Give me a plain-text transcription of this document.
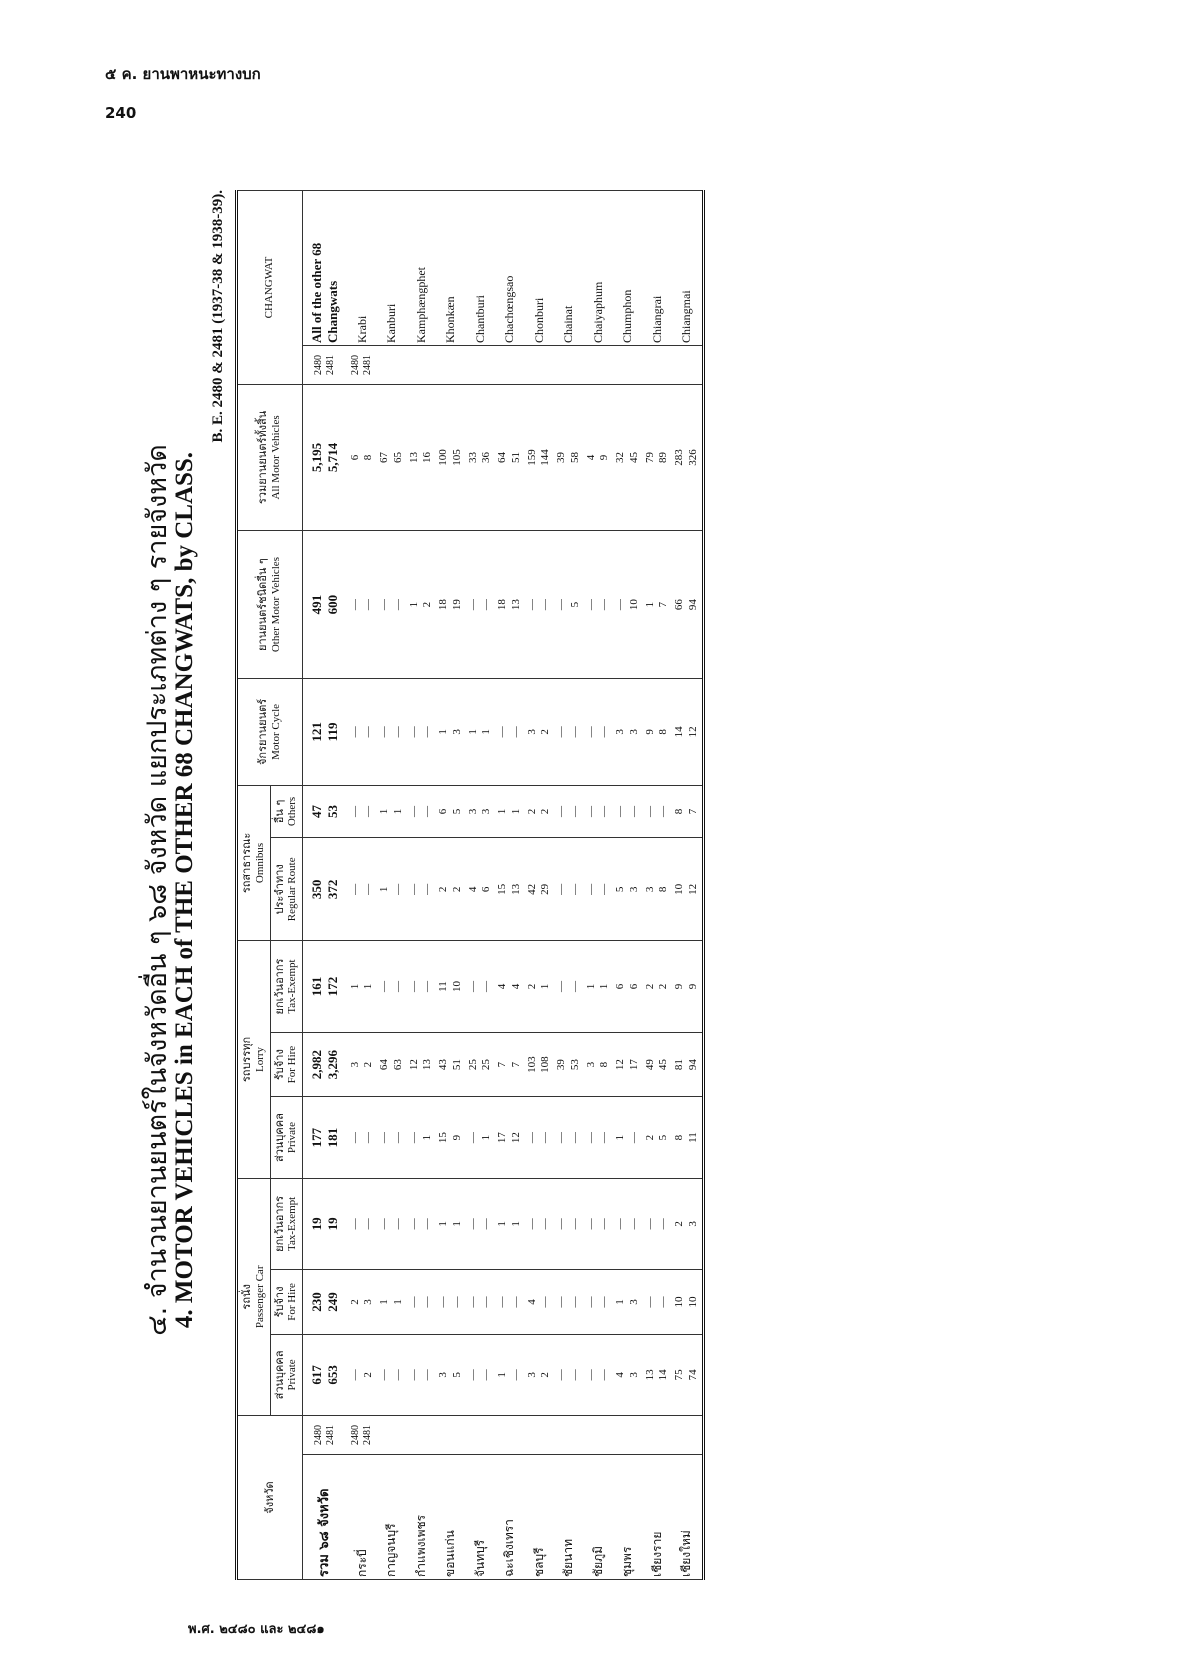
๕ ค. ยานพาหนะทางบก
240
๔. จำนวนยานยนตร์ในจังหวัดอื่น ๆ ๖๘ จังหวัด แยกประเภทต่าง ๆ รายจังหวัด
4. MOTOR VEHICLES in EACH of THE OTHER 68 CHANGWATS, by CLASS.
B. E. 2480 & 2481 (1937-38 & 1938-39).
จังหวัด		รถนั่ง Passenger Car			รถบรรทุก Lorry			รถสาธารณะ Omnibus		จักรยานยนตร์ Motor Cycle	ยานยนตร์ชนิดอื่น ๆ Other Motor Vehicles	รวมยานยนตร์ทั้งสิ้น All Motor Vehicles	CHANGWAT	

		ส่วนบุคคล Private	รับจ้าง For Hire	ยกเว้นอากร Tax-Exempt	ส่วนบุคคล Private	รับจ้าง For Hire	ยกเว้นอากร Tax-Exempt	ประจำทาง Regular Route	อื่น ๆ Others					

รวม ๖๘ จังหวัด	2480 2481	617 653	230 249	19 19	177 181	2,982 3,296	161 172	350 372	47 53	121 119	491 600	5,195 5,714	2480 2481	All of the other 68 Changwats
กระบี่	2480 2481	— 2	2 3	— —	— —	3 2	1 1	— —	— —	— —	— —	6 8	2480 2481	Krabi
กาญจนบุรี		— —	1 1	— —	— —	64 63	— —	1 —	1 1	— —	— —	67 65		Kanburi
กำแพงเพชร		— —	— —	— —	— 1	12 13	— —	— —	— —	— —	1 2	13 16		Kamphængphet
ขอนแก่น		3 5	— —	1 1	15 9	43 51	11 10	2 2	6 5	1 3	18 19	100 105		Khonkæn
จันทบุรี		— —	— —	— —	— 1	25 25	— —	4 6	3 3	1 1	— —	33 36		Chantburi
ฉะเชิงเทรา		1 —	— —	1 1	17 12	7 7	4 4	15 13	1 1	— —	18 13	64 51		Chachœngsao
ชลบุรี		3 2	4 —	— —	— —	103 108	2 1	42 29	2 2	3 2	— —	159 144		Chonburi
ชัยนาท		— —	— —	— —	— —	39 53	— —	— —	— —	— —	— 5	39 58		Chainat
ชัยภูมิ		— —	— —	— —	— —	3 8	1 1	— —	— —	— —	— —	4 9		Chaiyaphum
ชุมพร		4 3	1 3	— —	1 —	12 17	6 6	5 3	— —	3 3	— 10	32 45		Chumphon
เชียงราย		13 14	— —	— —	2 5	49 45	2 2	3 8	— —	9 8	1 7	79 89		Chiangrai
เชียงใหม่		75 74	10 10	2 3	8 11	81 94	9 9	10 12	8 7	14 12	66 94	283 326		Chiangmai
พ.ศ. ๒๔๘๐ และ ๒๔๘๑
